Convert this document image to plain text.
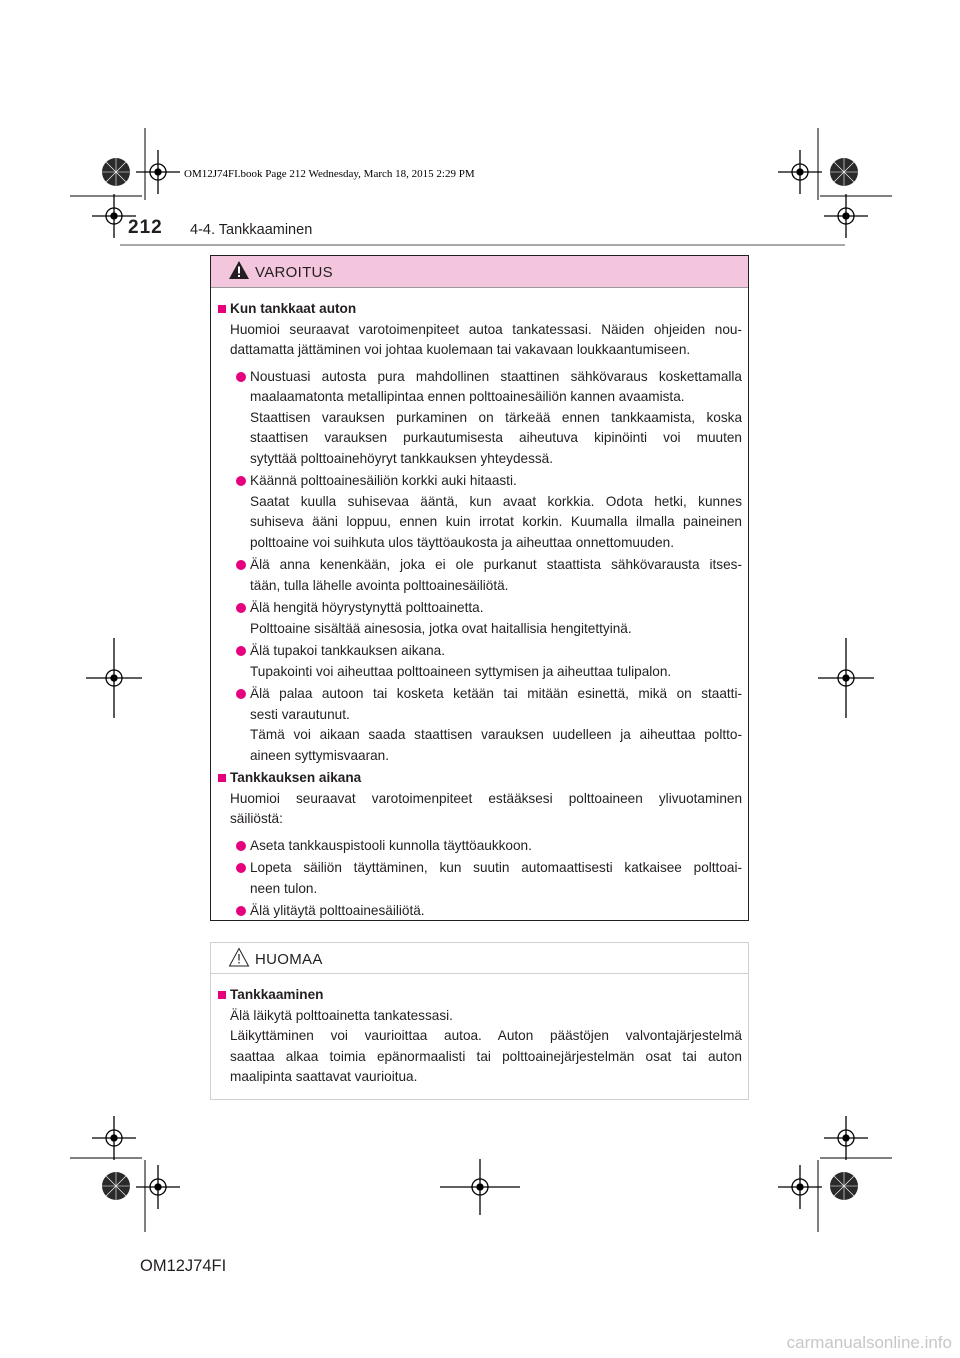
OM12J74FI.book Page 212 Wednesday, March 18, 2015 2:29 PM
212 4-4. Tankkaaminen
VAROITUS
Kun tankkaat auton
Huomioi seuraavat varotoimenpiteet autoa tankatessasi. Näiden ohjeiden nou-
dattamatta jättäminen voi johtaa kuolemaan tai vakavaan loukkaantumiseen.
Noustuasi autosta pura mahdollinen staattinen sähkövaraus koskettamalla
maalaamatonta metallipintaa ennen polttoainesäiliön kannen avaamista.
Staattisen varauksen purkaminen on tärkeää ennen tankkaamista, koska
staattisen varauksen purkautumisesta aiheutuva kipinöinti voi muuten
sytyttää polttoainehöyryt tankkauksen yhteydessä.
Käännä polttoainesäiliön korkki auki hitaasti.
Saatat kuulla suhisevaa ääntä, kun avaat korkkia. Odota hetki, kunnes
suhiseva ääni loppuu, ennen kuin irrotat korkin. Kuumalla ilmalla paineinen
polttoaine voi suihkuta ulos täyttöaukosta ja aiheuttaa onnettomuuden.
Älä anna kenenkään, joka ei ole purkanut staattista sähkövarausta itses-
tään, tulla lähelle avointa polttoainesäiliötä.
Älä hengitä höyrystynyttä polttoainetta.
Polttoaine sisältää ainesosia, jotka ovat haitallisia hengitettyinä.
Älä tupakoi tankkauksen aikana.
Tupakointi voi aiheuttaa polttoaineen syttymisen ja aiheuttaa tulipalon.
Älä palaa autoon tai kosketa ketään tai mitään esinettä, mikä on staatti-
sesti varautunut.
Tämä voi aikaan saada staattisen varauksen uudelleen ja aiheuttaa poltto-
aineen syttymisvaaran.
Tankkauksen aikana
Huomioi seuraavat varotoimenpiteet estääksesi polttoaineen ylivuotaminen
säiliöstä:
Aseta tankkauspistooli kunnolla täyttöaukkoon.
Lopeta säiliön täyttäminen, kun suutin automaattisesti katkaisee polttoai-
neen tulon.
Älä ylitäytä polttoainesäiliötä.
HUOMAA
Tankkaaminen
Älä läikytä polttoainetta tankatessasi.
Läikyttäminen voi vaurioittaa autoa. Auton päästöjen valvontajärjestelmä
saattaa alkaa toimia epänormaalisti tai polttoainejärjestelmän osat tai auton
maalipinta saattavat vaurioitua.
OM12J74FI
carmanualsonline.info
